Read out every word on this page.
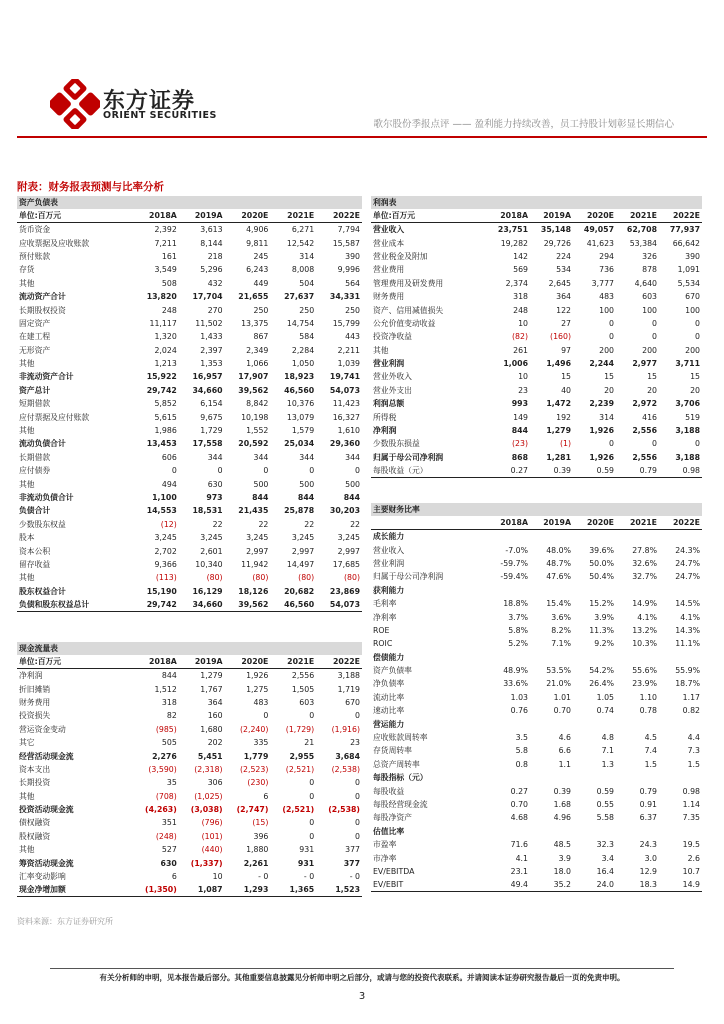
东方证券
ORIENT SECURITIES
歌尔股份季报点评 —— 盈利能力持续改善，员工持股计划彰显长期信心
附表：财务报表预测与比率分析
资产负债表					
单位:百万元	2018A	2019A	2020E	2021E	2022E
货币资金	2,392	3,613	4,906	6,271	7,794
应收票据及应收账款	7,211	8,144	9,811	12,542	15,587
预付账款	161	218	245	314	390
存货	3,549	5,296	6,243	8,008	9,996
其他	508	432	449	504	564
流动资产合计	13,820	17,704	21,655	27,637	34,331
长期股权投资	248	270	250	250	250
固定资产	11,117	11,502	13,375	14,754	15,799
在建工程	1,320	1,433	867	584	443
无形资产	2,024	2,397	2,349	2,284	2,211
其他	1,213	1,353	1,066	1,050	1,039
非流动资产合计	15,922	16,957	17,907	18,923	19,741
资产总计	29,742	34,660	39,562	46,560	54,073
短期借款	5,852	6,154	8,842	10,376	11,423
应付票据及应付账款	5,615	9,675	10,198	13,079	16,327
其他	1,986	1,729	1,552	1,579	1,610
流动负债合计	13,453	17,558	20,592	25,034	29,360
长期借款	606	344	344	344	344
应付债券	0	0	0	0	0
其他	494	630	500	500	500
非流动负债合计	1,100	973	844	844	844
负债合计	14,553	18,531	21,435	25,878	30,203
少数股东权益	(12)	22	22	22	22
股本	3,245	3,245	3,245	3,245	3,245
资本公积	2,702	2,601	2,997	2,997	2,997
留存收益	9,366	10,340	11,942	14,497	17,685
其他	(113)	(80)	(80)	(80)	(80)
股东权益合计	15,190	16,129	18,126	20,682	23,869
负债和股东权益总计	29,742	34,660	39,562	46,560	54,073
现金流量表					
单位:百万元	2018A	2019A	2020E	2021E	2022E
净利润	844	1,279	1,926	2,556	3,188
折旧摊销	1,512	1,767	1,275	1,505	1,719
财务费用	318	364	483	603	670
投资损失	82	160	0	0	0
营运资金变动	(985)	1,680	(2,240)	(1,729)	(1,916)
其它	505	202	335	21	23
经营活动现金流	2,276	5,451	1,779	2,955	3,684
资本支出	(3,590)	(2,318)	(2,523)	(2,521)	(2,538)
长期投资	35	306	(230)	0	0
其他	(708)	(1,025)	6	0	0
投资活动现金流	(4,263)	(3,038)	(2,747)	(2,521)	(2,538)
债权融资	351	(796)	(15)	0	0
股权融资	(248)	(101)	396	0	0
其他	527	(440)	1,880	931	377
筹资活动现金流	630	(1,337)	2,261	931	377
汇率变动影响	6	10	- 0	- 0	- 0
现金净增加额	(1,350)	1,087	1,293	1,365	1,523
利润表					
单位:百万元	2018A	2019A	2020E	2021E	2022E
营业收入	23,751	35,148	49,057	62,708	77,937
营业成本	19,282	29,726	41,623	53,384	66,642
营业税金及附加	142	224	294	326	390
营业费用	569	534	736	878	1,091
管理费用及研发费用	2,374	2,645	3,777	4,640	5,534
财务费用	318	364	483	603	670
资产、信用减值损失	248	122	100	100	100
公允价值变动收益	10	27	0	0	0
投资净收益	(82)	(160)	0	0	0
其他	261	97	200	200	200
营业利润	1,006	1,496	2,244	2,977	3,711
营业外收入	10	15	15	15	15
营业外支出	23	40	20	20	20
利润总额	993	1,472	2,239	2,972	3,706
所得税	149	192	314	416	519
净利润	844	1,279	1,926	2,556	3,188
少数股东损益	(23)	(1)	0	0	0
归属于母公司净利润	868	1,281	1,926	2,556	3,188
每股收益（元）	0.27	0.39	0.59	0.79	0.98
主要财务比率					
	2018A	2019A	2020E	2021E	2022E
成长能力					
营业收入	-7.0%	48.0%	39.6%	27.8%	24.3%
营业利润	-59.7%	48.7%	50.0%	32.6%	24.7%
归属于母公司净利润	-59.4%	47.6%	50.4%	32.7%	24.7%
获利能力					
毛利率	18.8%	15.4%	15.2%	14.9%	14.5%
净利率	3.7%	3.6%	3.9%	4.1%	4.1%
ROE	5.8%	8.2%	11.3%	13.2%	14.3%
ROIC	5.2%	7.1%	9.2%	10.3%	11.1%
偿债能力					
资产负债率	48.9%	53.5%	54.2%	55.6%	55.9%
净负债率	33.6%	21.0%	26.4%	23.9%	18.7%
流动比率	1.03	1.01	1.05	1.10	1.17
速动比率	0.76	0.70	0.74	0.78	0.82
营运能力					
应收账款周转率	3.5	4.6	4.8	4.5	4.4
存货周转率	5.8	6.6	7.1	7.4	7.3
总资产周转率	0.8	1.1	1.3	1.5	1.5
每股指标（元）					
每股收益	0.27	0.39	0.59	0.79	0.98
每股经营现金流	0.70	1.68	0.55	0.91	1.14
每股净资产	4.68	4.96	5.58	6.37	7.35
估值比率					
市盈率	71.6	48.5	32.3	24.3	19.5
市净率	4.1	3.9	3.4	3.0	2.6
EV/EBITDA	23.1	18.0	16.4	12.9	10.7
EV/EBIT	49.4	35.2	24.0	18.3	14.9
资料来源：东方证券研究所
有关分析师的申明，见本报告最后部分。其他重要信息披露见分析师申明之后部分，或请与您的投资代表联系。并请阅读本证券研究报告最后一页的免责申明。
3
